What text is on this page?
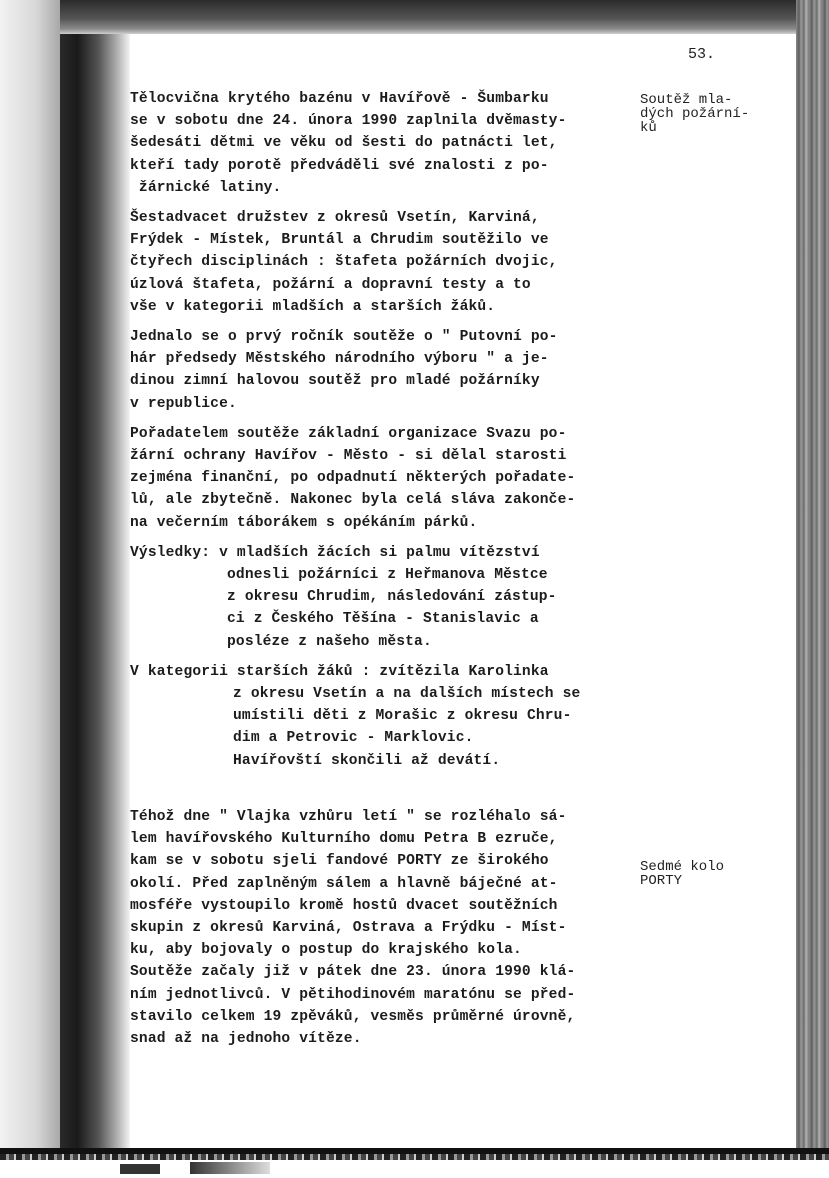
53.
Soutěž mla-
dých požární-
ků
Sedmé kolo
PORTY
Tělocvična krytého bazénu v Havířově - Šumbarku
se v sobotu dne 24. února 1990 zaplnila dvěmasty-
šedesáti dětmi ve věku od šesti do patnácti let,
kteří tady porotě předváděli své znalosti z po-
žárnické latiny.
Šestadvacet družstev z okresů Vsetín, Karviná,
Frýdek - Místek, Bruntál a Chrudim soutěžilo ve
čtyřech disciplinách : štafeta požárních dvojic,
úzlová štafeta, požární a dopravní testy a to
vše v kategorii mladších a starších žáků.
Jednalo se o prvý ročník soutěže o " Putovní po-
hár předsedy Městského národního výboru " a je-
dinou zimní halovou soutěž pro mladé požárníky
v republice.
Pořadatelem soutěže základní organizace Svazu po-
žární ochrany Havířov - Město - si dělal starosti
zejména finanční, po odpadnutí některých pořadate-
lů, ale zbytečně. Nakonec byla celá sláva zakonče-
na večerním táborákem s opékáním párků.
Výsledky: v mladších žácích si palmu vítězství
odnesli požárníci z Heřmanova Městce
z okresu Chrudim, následování zástup-
ci z Českého Těšína - Stanislavic a
posléze z našeho města.
V kategorii starších žáků : zvítězila Karolinka
z okresu Vsetín a na dalších místech se
umístili děti z Morašic z okresu Chru-
dim a Petrovic - Marklovic.
Havířovští skončili až devátí.
Téhož dne " Vlajka vzhůru letí " se rozléhalo sá-
lem havířovského Kulturního domu Petra B ezruče,
kam se v sobotu sjeli fandové PORTY ze širokého
okolí. Před zaplněným sálem a hlavně báječné at-
mosféře vystoupilo kromě hostů dvacet soutěžních
skupin z okresů Karviná, Ostrava a Frýdku - Míst-
ku, aby bojovaly o postup do krajského kola.
Soutěže začaly již v pátek dne 23. února 1990 klá-
ním jednotlivců. V pětihodinovém maratónu se před-
stavilo celkem 19 zpěváků, vesměs průměrné úrovně,
snad až na jednoho vítěze.
